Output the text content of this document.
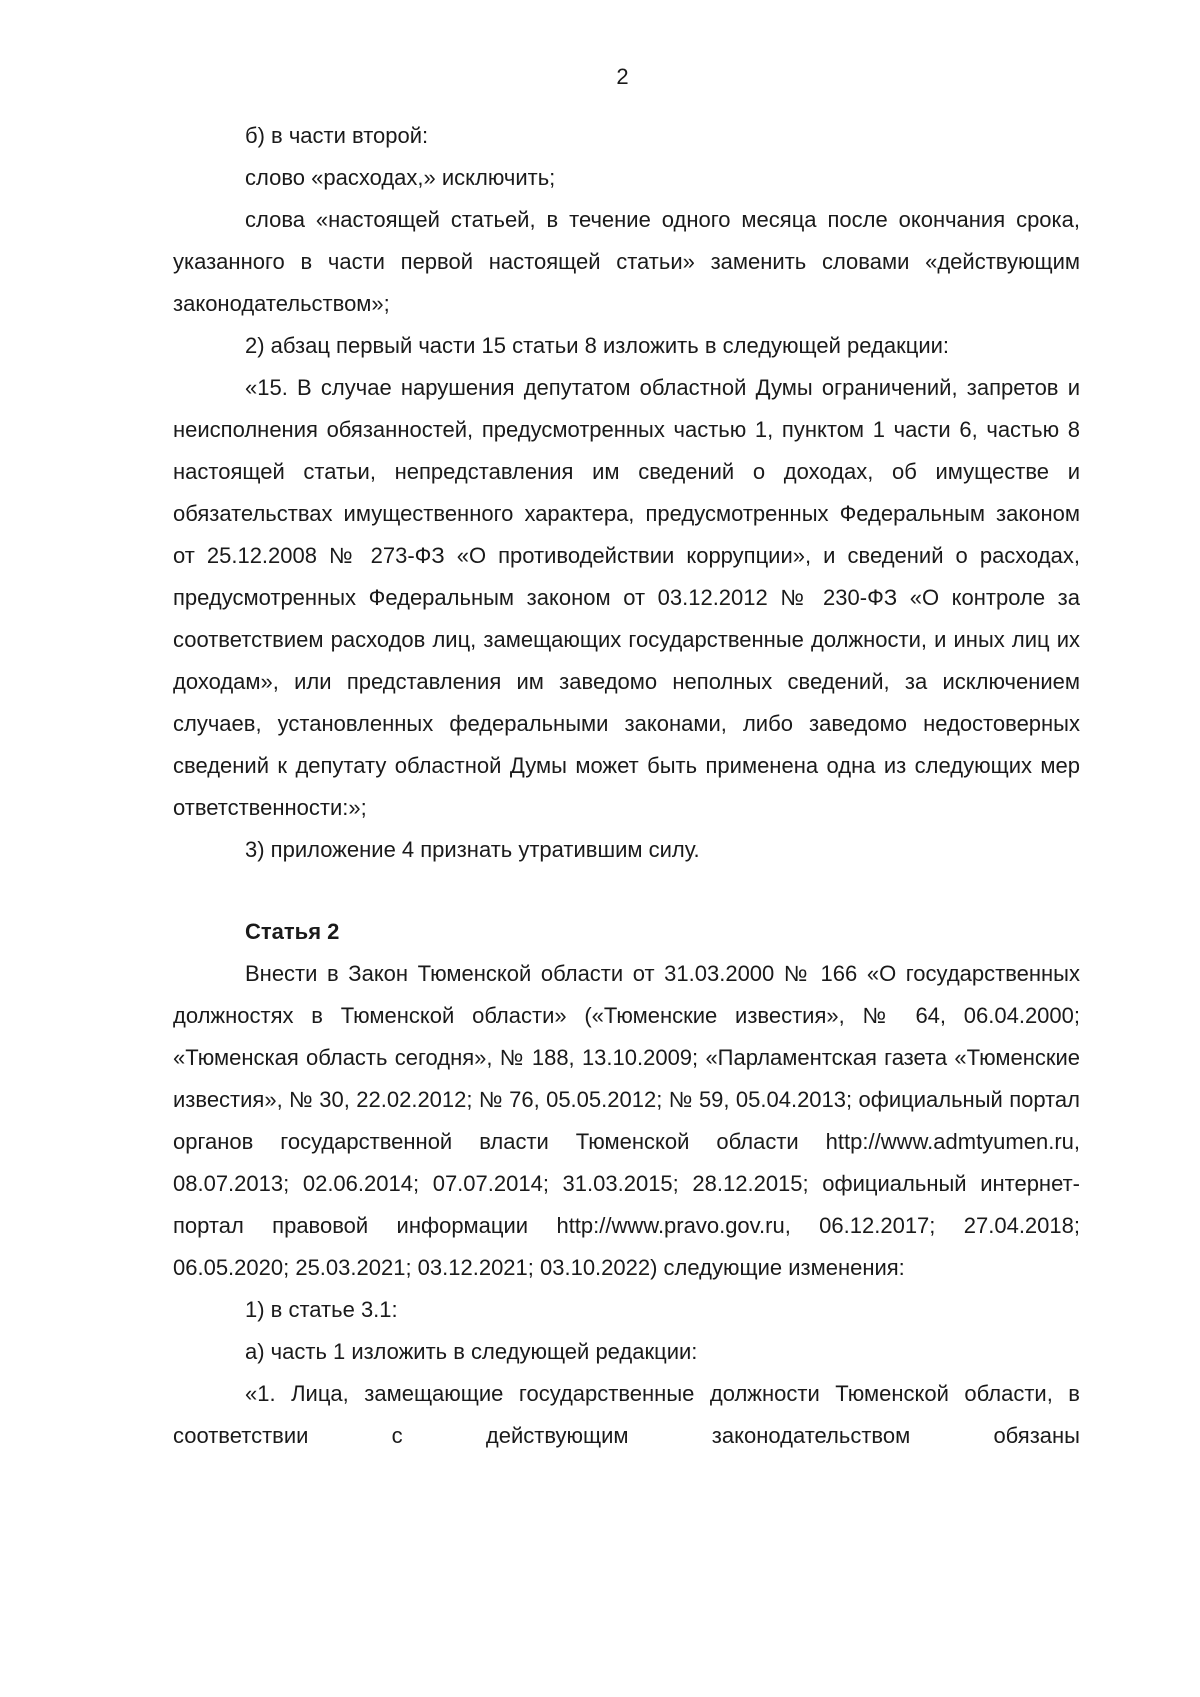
2

б) в части второй:

слово «расходах,» исключить;

слова «настоящей статьей, в течение одного месяца после окончания срока, указанного в части первой настоящей статьи» заменить словами «действующим законодательством»;

2) абзац первый части 15 статьи 8 изложить в следующей редакции:

«15. В случае нарушения депутатом областной Думы ограничений, запретов и неисполнения обязанностей, предусмотренных частью 1, пунктом 1 части 6, частью 8 настоящей статьи, непредставления им сведений о доходах, об имуществе и обязательствах имущественного характера, предусмотренных Федеральным законом от 25.12.2008 № 273-ФЗ «О противодействии коррупции», и сведений о расходах, предусмотренных Федеральным законом от 03.12.2012 № 230-ФЗ «О контроле за соответствием расходов лиц, замещающих государственные должности, и иных лиц их доходам», или представления им заведомо неполных сведений, за исключением случаев, установленных федеральными законами, либо заведомо недостоверных сведений к депутату областной Думы может быть применена одна из следующих мер ответственности:»;

3) приложение 4 признать утратившим силу.

Статья 2

Внести в Закон Тюменской области от 31.03.2000 № 166 «О государственных должностях в Тюменской области» («Тюменские известия», № 64, 06.04.2000; «Тюменская область сегодня», № 188, 13.10.2009; «Парламентская газета «Тюменские известия», № 30, 22.02.2012; № 76, 05.05.2012; № 59, 05.04.2013; официальный портал органов государственной власти Тюменской области http://www.admtyumen.ru, 08.07.2013; 02.06.2014; 07.07.2014; 31.03.2015; 28.12.2015; официальный интернет-портал правовой информации http://www.pravo.gov.ru, 06.12.2017; 27.04.2018; 06.05.2020; 25.03.2021; 03.12.2021; 03.10.2022) следующие изменения:

1) в статье 3.1:

а) часть 1 изложить в следующей редакции:

«1. Лица, замещающие государственные должности Тюменской области, в соответствии с действующим законодательством обязаны
